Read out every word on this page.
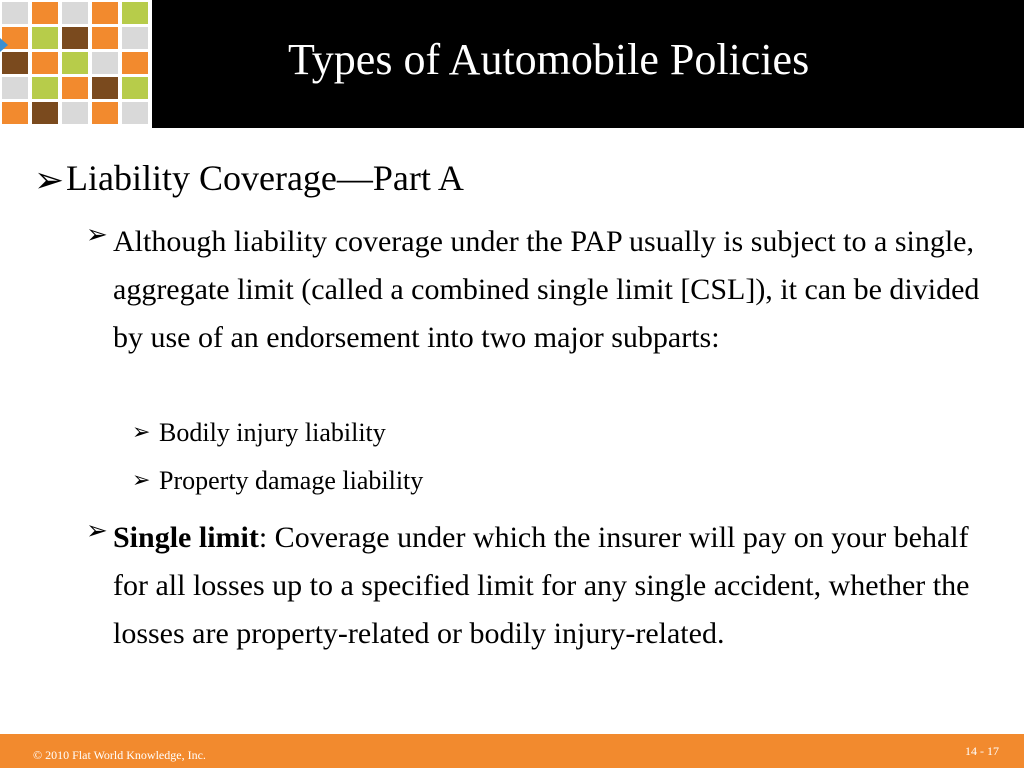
Types of Automobile Policies
➢ Liability Coverage—Part A
➢ Although liability coverage under the PAP usually is subject to a single, aggregate limit (called a combined single limit [CSL]), it can be divided by use of an endorsement into two major subparts:
➢ Bodily injury liability
➢ Property damage liability
➢ Single limit: Coverage under which the insurer will pay on your behalf for all losses up to a specified limit for any single accident, whether the losses are property-related or bodily injury-related.
© 2010 Flat World Knowledge, Inc.	14 - 17
